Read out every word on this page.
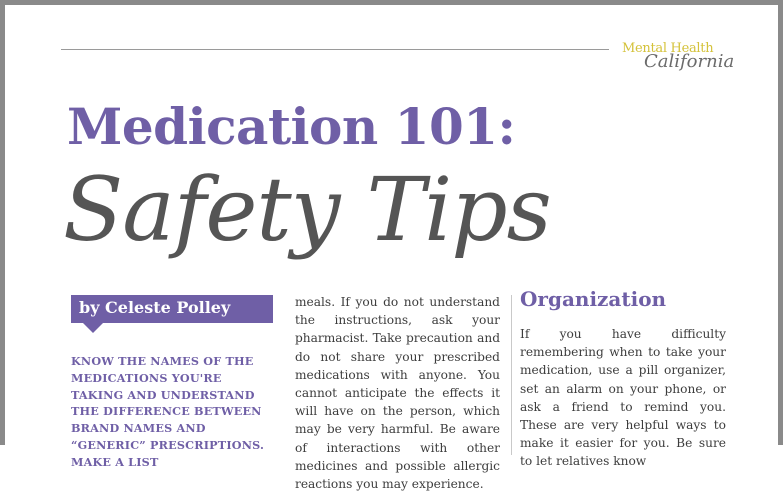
Mental Health
California
Medication 101:
Safety Tips
by Celeste Polley

KNOW THE NAMES OF THE MEDICATIONS YOU'RE TAKING AND UNDERSTAND THE DIFFERENCE BETWEEN BRAND NAMES AND “GENERIC” PRESCRIPTIONS. MAKE A LIST

meals. If you do not understand the instructions, ask your pharmacist. Take precaution and do not share your prescribed medications with anyone. You cannot anticipate the effects it will have on the person, which may be very harmful. Be aware of interactions with other medicines and possible allergic reactions you may experience.

Organization

If you have difficulty remembering when to take your medication, use a pill organizer, set an alarm on your phone, or ask a friend to remind you. These are very helpful ways to make it easier for you. Be sure to let relatives know
